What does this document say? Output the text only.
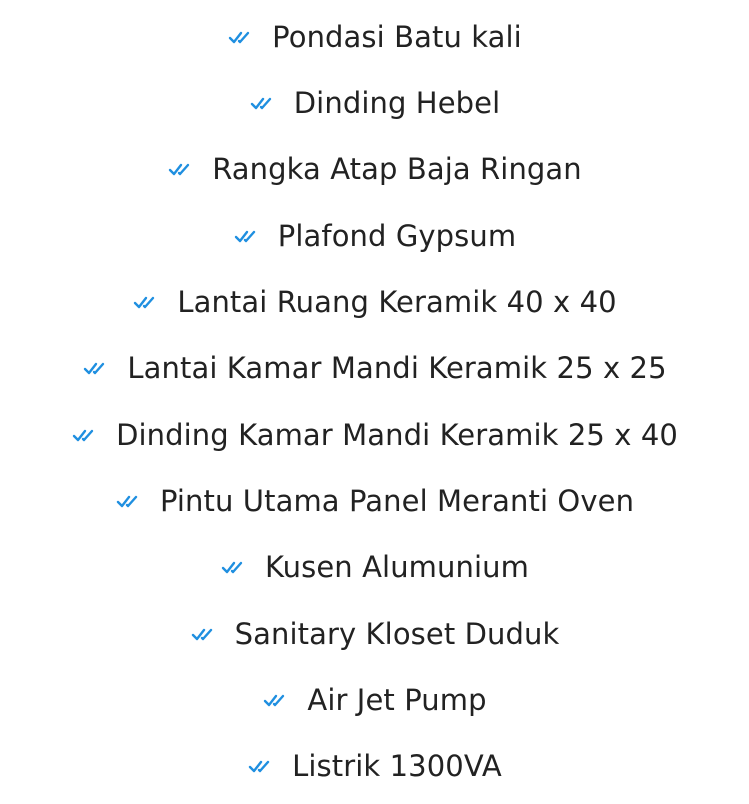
Pondasi Batu kali
Dinding Hebel
Rangka Atap Baja Ringan
Plafond Gypsum
Lantai Ruang Keramik 40 x 40
Lantai Kamar Mandi Keramik 25 x 25
Dinding Kamar Mandi Keramik 25 x 40
Pintu Utama Panel Meranti Oven
Kusen Alumunium
Sanitary Kloset Duduk
Air Jet Pump
Listrik 1300VA
